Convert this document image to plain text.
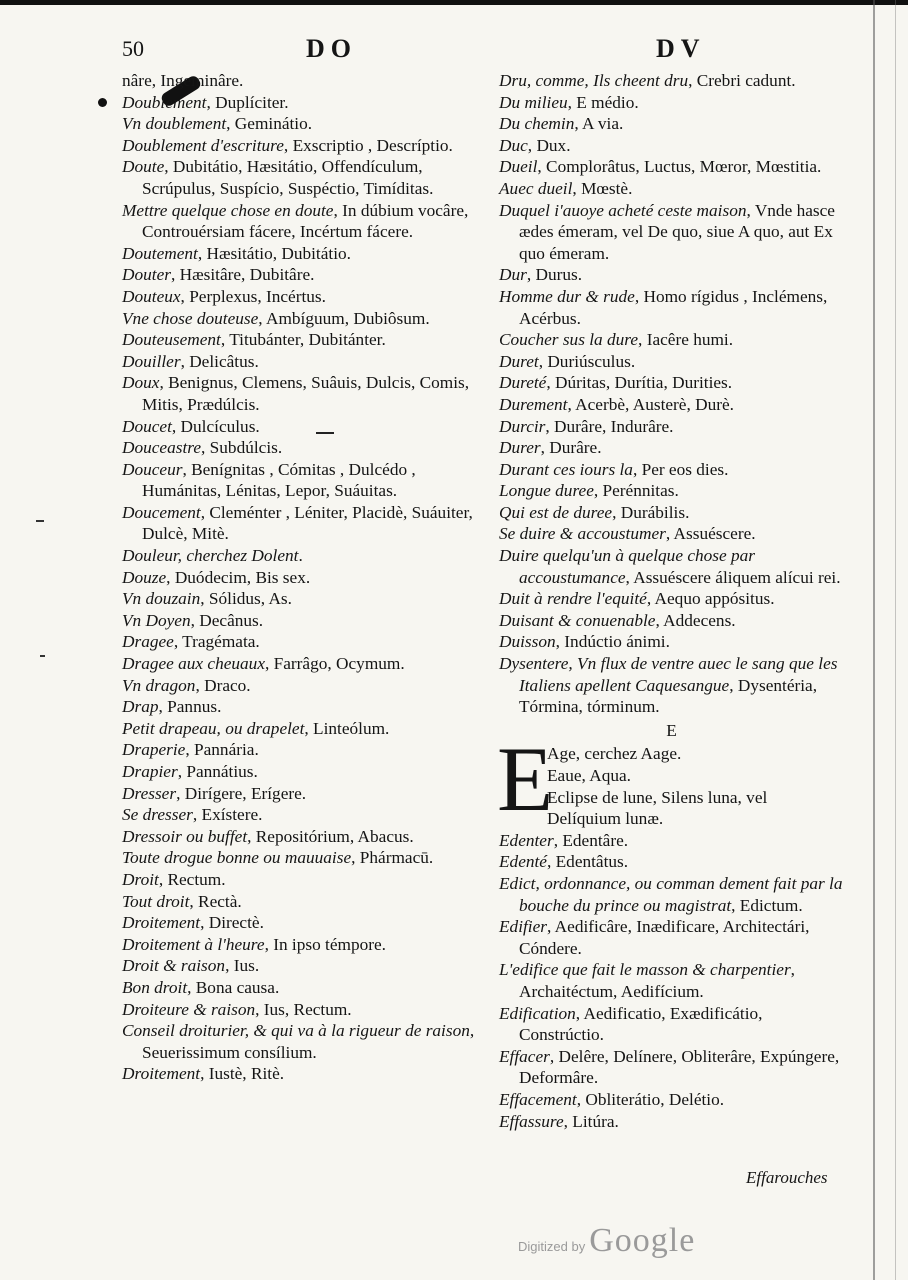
50	DO	DV

nâre, Ingeminâre.

Doublement, Duplíciter.

Vn doublement, Geminátio.

Doublement d'escriture, Exscriptio , Descríptio.

Doute, Dubitátio, Hæsitátio, Offendículum, Scrúpulus, Suspício, Suspéctio, Timíditas.

Mettre quelque chose en doute, In dúbium vocâre, Controuérsiam fácere, Incértum fácere.

Doutement, Hæsitátio, Dubitátio.

Douter, Hæsitâre, Dubitâre.

Douteux, Perplexus, Incértus.

Vne chose douteuse, Ambíguum, Dubiôsum.

Douteusement, Titubánter, Dubitánter.

Douiller, Delicâtus.

Doux, Benignus, Clemens, Suâuis, Dulcis, Comis, Mitis, Prædúlcis.

Doucet, Dulcículus.

Douceastre, Subdúlcis.

Douceur, Benígnitas , Cómitas , Dulcédo , Humánitas, Lénitas, Lepor, Suáuitas.

Doucement, Cleménter , Léniter, Placidè, Suáuiter, Dulcè, Mitè.

Douleur, cherchez Dolent.

Douze, Duódecim, Bis sex.

Vn douzain, Sólidus, As.

Vn Doyen, Decânus.

Dragee, Tragémata.

Dragee aux cheuaux, Farrâgo, Ocymum.

Vn dragon, Draco.

Drap, Pannus.

Petit drapeau, ou drapelet, Linteólum.

Draperie, Pannária.

Drapier, Pannátius.

Dresser, Dirígere, Erígere.

Se dresser, Exístere.

Dressoir ou buffet, Repositórium, Abacus.

Toute drogue bonne ou mauuaise, Phármacū.

Droit, Rectum.

Tout droit, Rectà.

Droitement, Directè.

Droitement à l'heure, In ipso témpore.

Droit & raison, Ius.

Bon droit, Bona causa.

Droiteure & raison, Ius, Rectum.

Conseil droiturier, & qui va à la rigueur de raison, Seuerissimum consílium.

Droitement, Iustè, Ritè.

Dru, comme, Ils cheent dru, Crebri cadunt.

Du milieu, E médio.

Du chemin, A via.

Duc, Dux.

Dueil, Complorâtus, Luctus, Mœror, Mœstitia.

Auec dueil, Mœstè.

Duquel i'auoye acheté ceste maison, Vnde hasce ædes émeram, vel De quo, siue A quo, aut Ex quo émeram.

Dur, Durus.

Homme dur & rude, Homo rígidus , Inclémens, Acérbus.

Coucher sus la dure, Iacêre humi.

Duret, Duriúsculus.

Dureté, Dúritas, Durítia, Durities.

Durement, Acerbè, Austerè, Durè.

Durcir, Durâre, Indurâre.

Durer, Durâre.

Durant ces iours la, Per eos dies.

Longue duree, Perénnitas.

Qui est de duree, Durábilis.

Se duire & accoustumer, Assuéscere.

Duire quelqu'un à quelque chose par accoustumance, Assuéscere áliquem alícui rei.

Duit à rendre l'equité, Aequo appósitus.

Duisant & conuenable, Addecens.

Duisson, Indúctio ánimi.

Dysentere, Vn flux de ventre auec le sang que les Italiens apellent Caquesangue, Dysentéria, Tórmina, tórminum.

E
E

Age, cerchez Aage.

Eaue, Aqua.

Eclipse de lune, Silens luna, vel Delíquium lunæ.

Edenter, Edentâre.

Edenté, Edentâtus.

Edict, ordonnance, ou comman dement fait par la bouche du prince ou magistrat, Edictum.

Edifier, Aedificâre, Inædificare, Architectári, Cóndere.

L'edifice que fait le masson & charpentier, Archaitéctum, Aedifícium.

Edification, Aedificatio, Exædificátio, Constrúctio.

Effacer, Delêre, Delínere, Obliterâre, Expúngere, Deformâre.

Effacement, Obliterátio, Delétio.

Effassure, Litúra.

Effarouches
Digitized by Google
